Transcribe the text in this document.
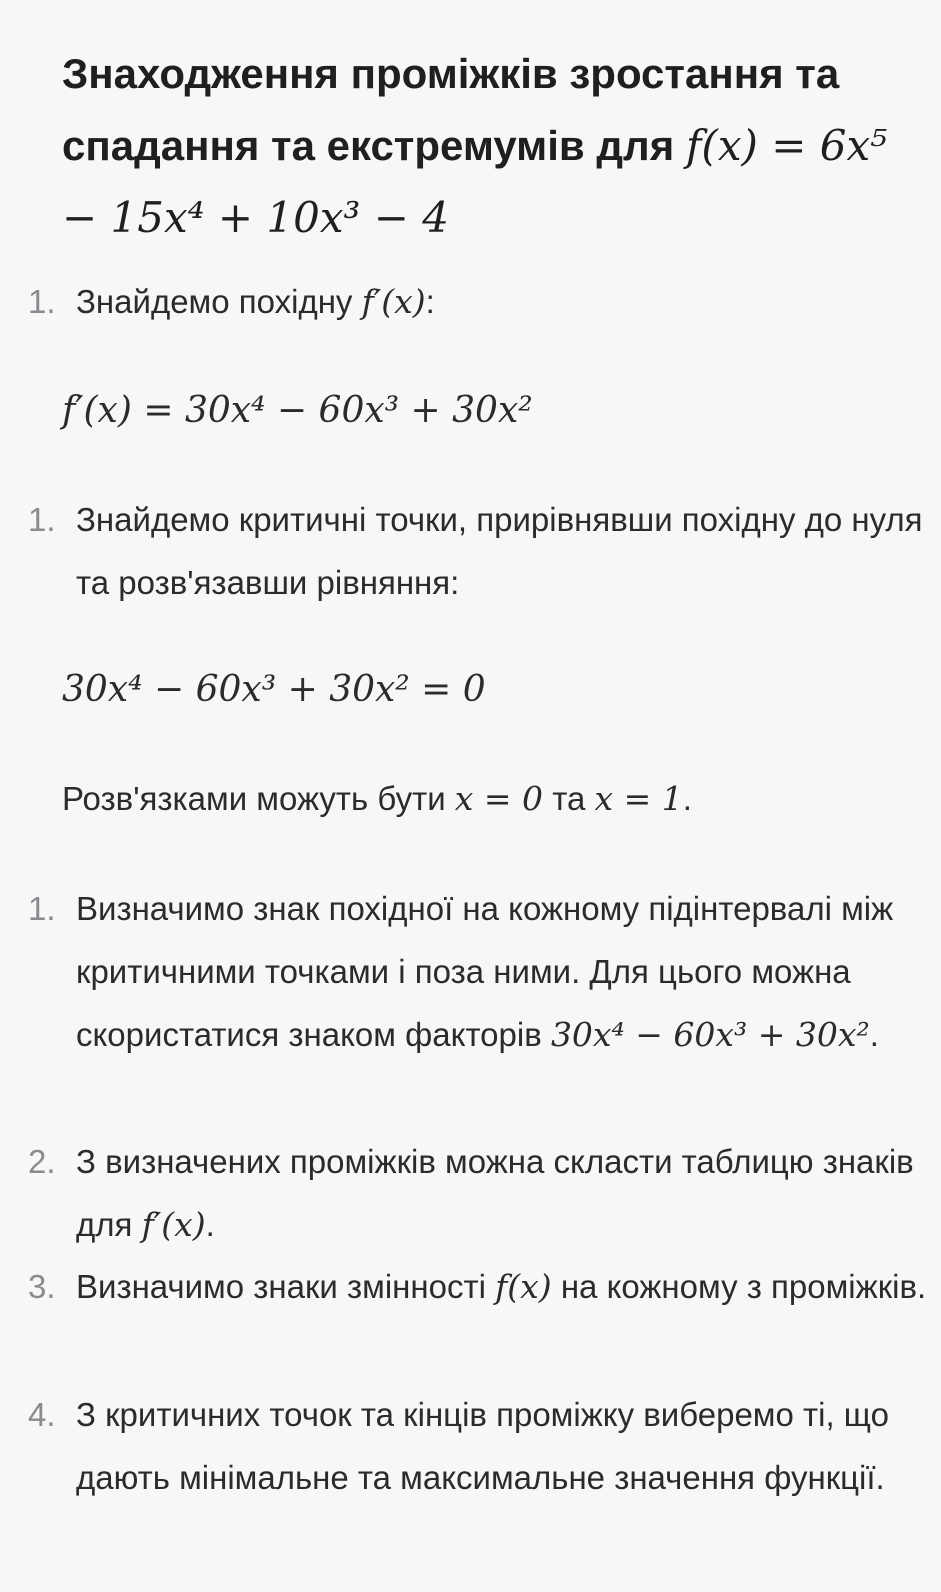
Знаходження проміжків зростання та спадання та екстремумів для f(x) = 6x⁵ − 15x⁴ + 10x³ − 4
1. Знайдемо похідну f′(x):
f′(x) = 30x⁴ − 60x³ + 30x²
1. Знайдемо критичні точки, прирівнявши похідну до нуля та розв'язавши рівняння:
30x⁴ − 60x³ + 30x² = 0
Розв'язками можуть бути x = 0 та x = 1.
1. Визначимо знак похідної на кожному підінтервалі між критичними точками і поза ними. Для цього можна скористатися знаком факторів 30x⁴ − 60x³ + 30x².
2. З визначених проміжків можна скласти таблицю знаків для f′(x).
3. Визначимо знаки змінності f(x) на кожному з проміжків.
4. З критичних точок та кінців проміжку виберемо ті, що дають мінімальне та максимальне значення функції.
